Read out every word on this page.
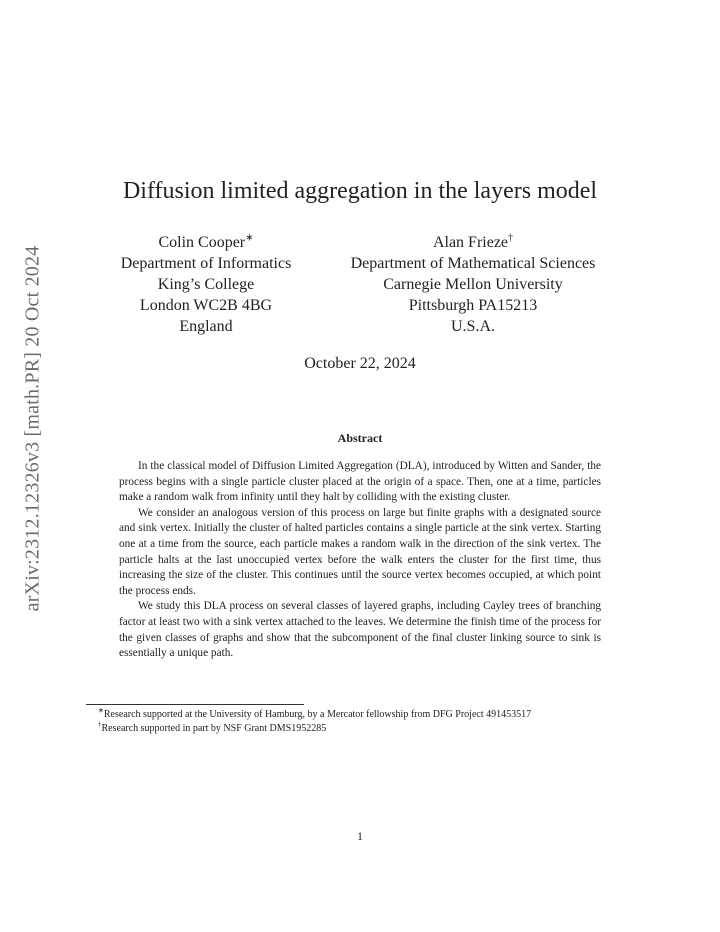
arXiv:2312.12326v3 [math.PR] 20 Oct 2024
Diffusion limited aggregation in the layers model
Colin Cooper∗
Department of Informatics
King’s College
London WC2B 4BG
England
Alan Frieze†
Department of Mathematical Sciences
Carnegie Mellon University
Pittsburgh PA15213
U.S.A.
October 22, 2024
Abstract

In the classical model of Diffusion Limited Aggregation (DLA), introduced by Witten and Sander, the process begins with a single particle cluster placed at the origin of a space. Then, one at a time, particles make a random walk from infinity until they halt by colliding with the existing cluster.

We consider an analogous version of this process on large but finite graphs with a designated source and sink vertex. Initially the cluster of halted particles contains a single particle at the sink vertex. Starting one at a time from the source, each particle makes a random walk in the direction of the sink vertex. The particle halts at the last unoccupied vertex before the walk enters the cluster for the first time, thus increasing the size of the cluster. This continues until the source vertex becomes occupied, at which point the process ends.

We study this DLA process on several classes of layered graphs, including Cayley trees of branching factor at least two with a sink vertex attached to the leaves. We determine the finish time of the process for the given classes of graphs and show that the subcomponent of the final cluster linking source to sink is essentially a unique path.

∗Research supported at the University of Hamburg, by a Mercator fellowship from DFG Project 491453517
†Research supported in part by NSF Grant DMS1952285
1
